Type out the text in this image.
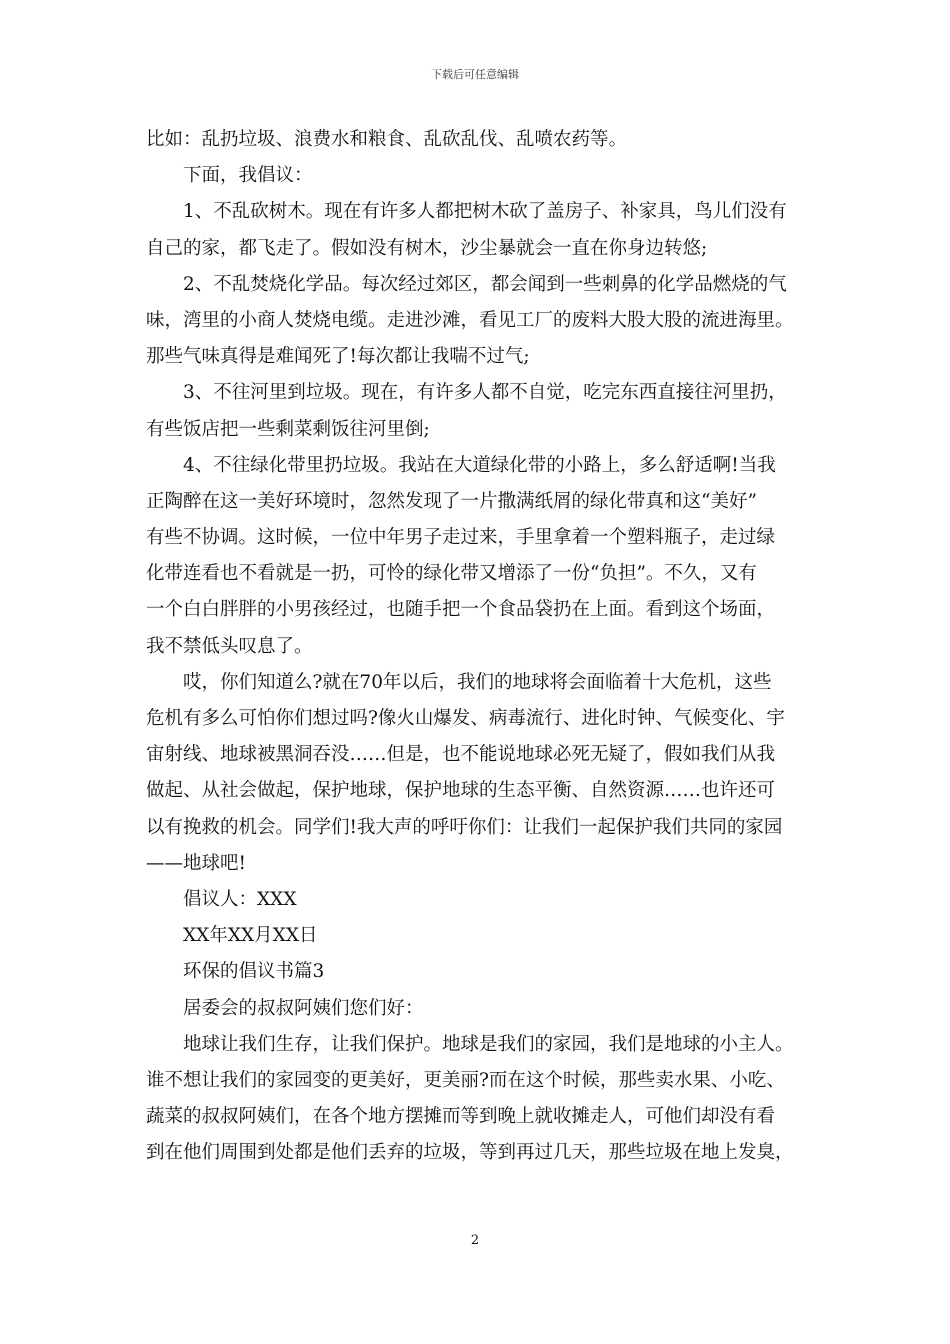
下载后可任意编辑
比如：乱扔垃圾、浪费水和粮食、乱砍乱伐、乱喷农药等。
下面，我倡议：
1、不乱砍树木。现在有许多人都把树木砍了盖房子、补家具，鸟儿们没有
自己的家，都飞走了。假如没有树木，沙尘暴就会一直在你身边转悠;
2、不乱焚烧化学品。每次经过郊区，都会闻到一些刺鼻的化学品燃烧的气
味，湾里的小商人焚烧电缆。走进沙滩，看见工厂的废料大股大股的流进海里。
那些气味真得是难闻死了!每次都让我喘不过气;
3、不往河里到垃圾。现在，有许多人都不自觉，吃完东西直接往河里扔，
有些饭店把一些剩菜剩饭往河里倒;
4、不往绿化带里扔垃圾。我站在大道绿化带的小路上，多么舒适啊!当我
正陶醉在这一美好环境时，忽然发现了一片撒满纸屑的绿化带真和这“美好”
有些不协调。这时候，一位中年男子走过来，手里拿着一个塑料瓶子，走过绿
化带连看也不看就是一扔，可怜的绿化带又增添了一份“负担”。不久，又有
一个白白胖胖的小男孩经过，也随手把一个食品袋扔在上面。看到这个场面，
我不禁低头叹息了。
哎，你们知道么?就在70年以后，我们的地球将会面临着十大危机，这些
危机有多么可怕你们想过吗?像火山爆发、病毒流行、进化时钟、气候变化、宇
宙射线、地球被黑洞吞没……但是，也不能说地球必死无疑了，假如我们从我
做起、从社会做起，保护地球，保护地球的生态平衡、自然资源……也许还可
以有挽救的机会。同学们!我大声的呼吁你们：让我们一起保护我们共同的家园
——地球吧!
倡议人：XXX
XX年XX月XX日
环保的倡议书篇3
居委会的叔叔阿姨们您们好：
地球让我们生存，让我们保护。地球是我们的家园，我们是地球的小主人。
谁不想让我们的家园变的更美好，更美丽?而在这个时候，那些卖水果、小吃、
蔬菜的叔叔阿姨们，在各个地方摆摊而等到晚上就收摊走人，可他们却没有看
到在他们周围到处都是他们丢弃的垃圾，等到再过几天，那些垃圾在地上发臭，
2
